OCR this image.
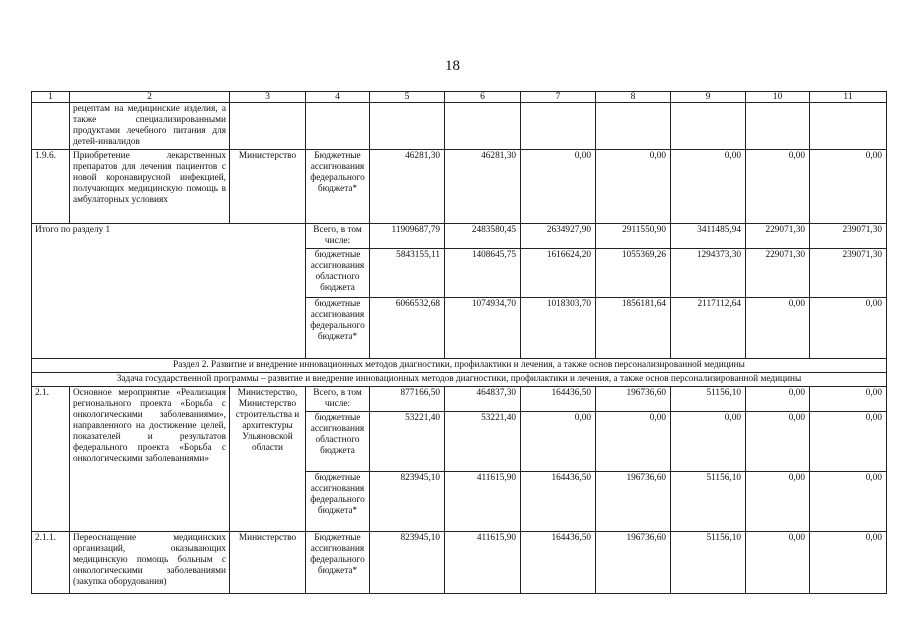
18
1	2	3	4	5	6	7	8	9	10	11
	рецептам на медицинские изделия, а также специализированными продуктами лечебного питания для детей-инвалидов									
1.9.6.	Приобретение лекарственных препаратов для лечения пациентов с новой коронавирусной инфекцией, получающих медицинскую помощь в амбулаторных условиях	Министерство	Бюджетные ассигнования федерального бюджета*	46281,30	46281,30	0,00	0,00	0,00	0,00	0,00
Итого по разделу 1			Всего, в том числе:	11909687,79	2483580,45	2634927,90	2911550,90	3411485,94	229071,30	239071,30
			бюджетные ассигнования областного бюджета	5843155,11	1408645,75	1616624,20	1055369,26	1294373,30	229071,30	239071,30
			бюджетные ассигнования федерального бюджета*	6066532,68	1074934,70	1018303,70	1856181,64	2117112,64	0,00	0,00
Раздел 2. Развитие и внедрение инновационных методов диагностики, профилактики и лечения, а также основ персонализированной медицины										
Задача государственной программы – развитие и внедрение инновационных методов диагностики, профилактики и лечения, а также основ персонализированной медицины										
2.1.	Основное мероприятие «Реализация регионального проекта «Борьба с онкологическими заболеваниями», направленного на достижение целей, показателей и результатов федерального проекта «Борьба с онкологическими заболеваниями»	Министерство, Министерство строительства и архитектуры Ульяновской области	Всего, в том числе:	877166,50	464837,30	164436,50	196736,60	51156,10	0,00	0,00
			бюджетные ассигнования областного бюджета	53221,40	53221,40	0,00	0,00	0,00	0,00	0,00
			бюджетные ассигнования федерального бюджета*	823945,10	411615,90	164436,50	196736,60	51156,10	0,00	0,00
2.1.1.	Переоснащение медицинских организаций, оказывающих медицинскую помощь больным с онкологическими заболеваниями (закупка оборудования)	Министерство	Бюджетные ассигнования федерального бюджета*	823945,10	411615,90	164436,50	196736,60	51156,10	0,00	0,00
